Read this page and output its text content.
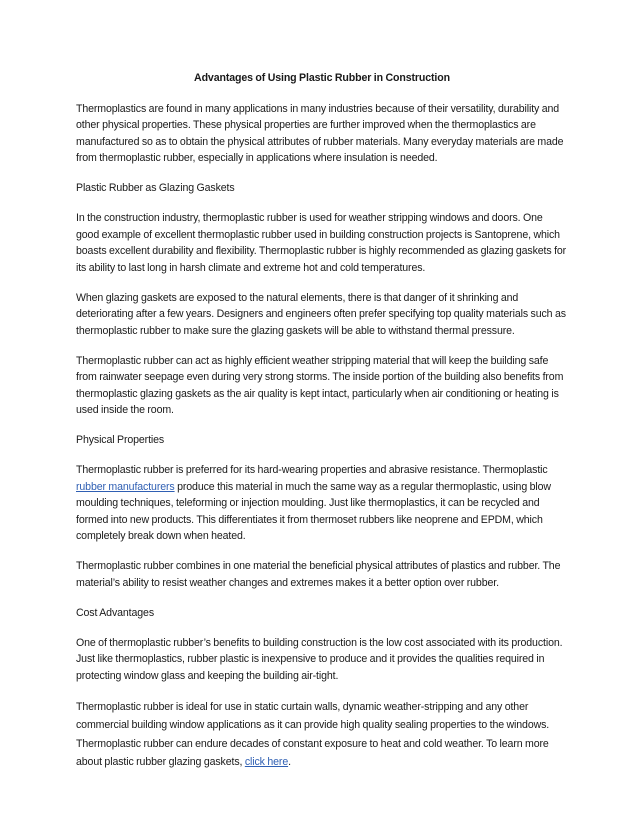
Advantages of Using Plastic Rubber in Construction

Thermoplastics are found in many applications in many industries because of their versatility, durability and other physical properties. These physical properties are further improved when the thermoplastics are manufactured so as to obtain the physical attributes of rubber materials. Many everyday materials are made from thermoplastic rubber, especially in applications where insulation is needed.

Plastic Rubber as Glazing Gaskets

In the construction industry, thermoplastic rubber is used for weather stripping windows and doors. One good example of excellent thermoplastic rubber used in building construction projects is Santoprene, which boasts excellent durability and flexibility. Thermoplastic rubber is highly recommended as glazing gaskets for its ability to last long in harsh climate and extreme hot and cold temperatures.

When glazing gaskets are exposed to the natural elements, there is that danger of it shrinking and deteriorating after a few years. Designers and engineers often prefer specifying top quality materials such as thermoplastic rubber to make sure the glazing gaskets will be able to withstand thermal pressure.

Thermoplastic rubber can act as highly efficient weather stripping material that will keep the building safe from rainwater seepage even during very strong storms. The inside portion of the building also benefits from thermoplastic glazing gaskets as the air quality is kept intact, particularly when air conditioning or heating is used inside the room.

Physical Properties

Thermoplastic rubber is preferred for its hard-wearing properties and abrasive resistance. Thermoplastic rubber manufacturers produce this material in much the same way as a regular thermoplastic, using blow moulding techniques, teleforming or injection moulding. Just like thermoplastics, it can be recycled and formed into new products. This differentiates it from thermoset rubbers like neoprene and EPDM, which completely break down when heated.

Thermoplastic rubber combines in one material the beneficial physical attributes of plastics and rubber. The material’s ability to resist weather changes and extremes makes it a better option over rubber.

Cost Advantages

One of thermoplastic rubber’s benefits to building construction is the low cost associated with its production. Just like thermoplastics, rubber plastic is inexpensive to produce and it provides the qualities required in protecting window glass and keeping the building air-tight.

Thermoplastic rubber is ideal for use in static curtain walls, dynamic weather-stripping and any other commercial building window applications as it can provide high quality sealing properties to the windows. Thermoplastic rubber can endure decades of constant exposure to heat and cold weather. To learn more about plastic rubber glazing gaskets, click here.
